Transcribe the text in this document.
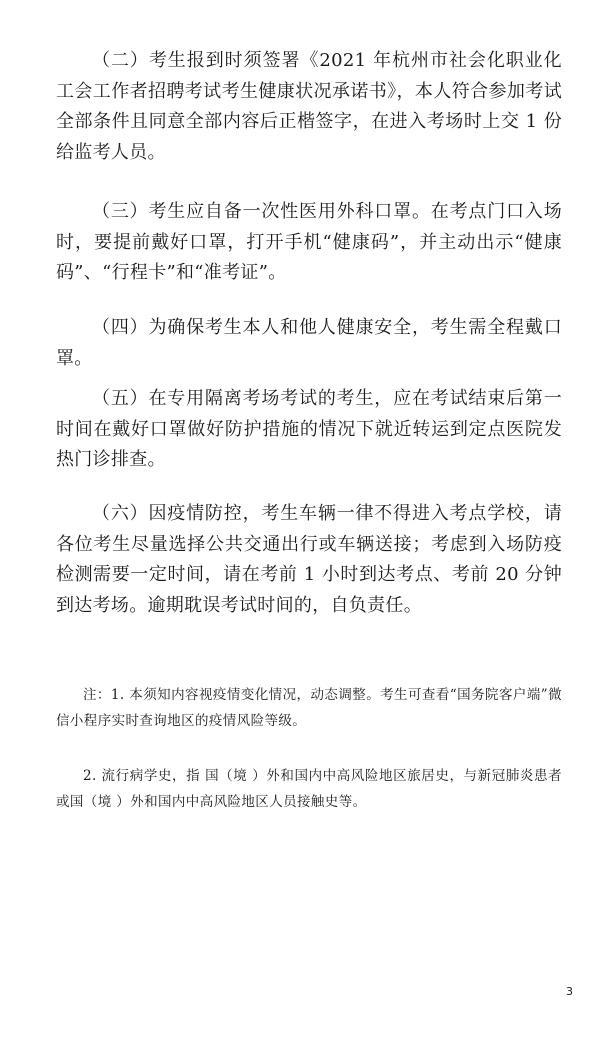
（二）考生报到时须签署《2021 年杭州市社会化职业化工会工作者招聘考试考生健康状况承诺书》，本人符合参加考试全部条件且同意全部内容后正楷签字，在进入考场时上交 1 份给监考人员。

（三）考生应自备一次性医用外科口罩。在考点门口入场时，要提前戴好口罩，打开手机“健康码”，并主动出示“健康码”、“行程卡”和“准考证”。

（四）为确保考生本人和他人健康安全，考生需全程戴口罩。

（五）在专用隔离考场考试的考生，应在考试结束后第一时间在戴好口罩做好防护措施的情况下就近转运到定点医院发热门诊排查。

（六）因疫情防控，考生车辆一律不得进入考点学校，请各位考生尽量选择公共交通出行或车辆送接；考虑到入场防疫检测需要一定时间，请在考前 1 小时到达考点、考前 20 分钟到达考场。逾期耽误考试时间的，自负责任。

注：1. 本须知内容视疫情变化情况，动态调整。考生可查看“国务院客户端”微信小程序实时查询地区的疫情风险等级。

2. 流行病学史，指 国（境 ）外和国内中高风险地区旅居史，与新冠肺炎患者或国（境 ）外和国内中高风险地区人员接触史等。

3
